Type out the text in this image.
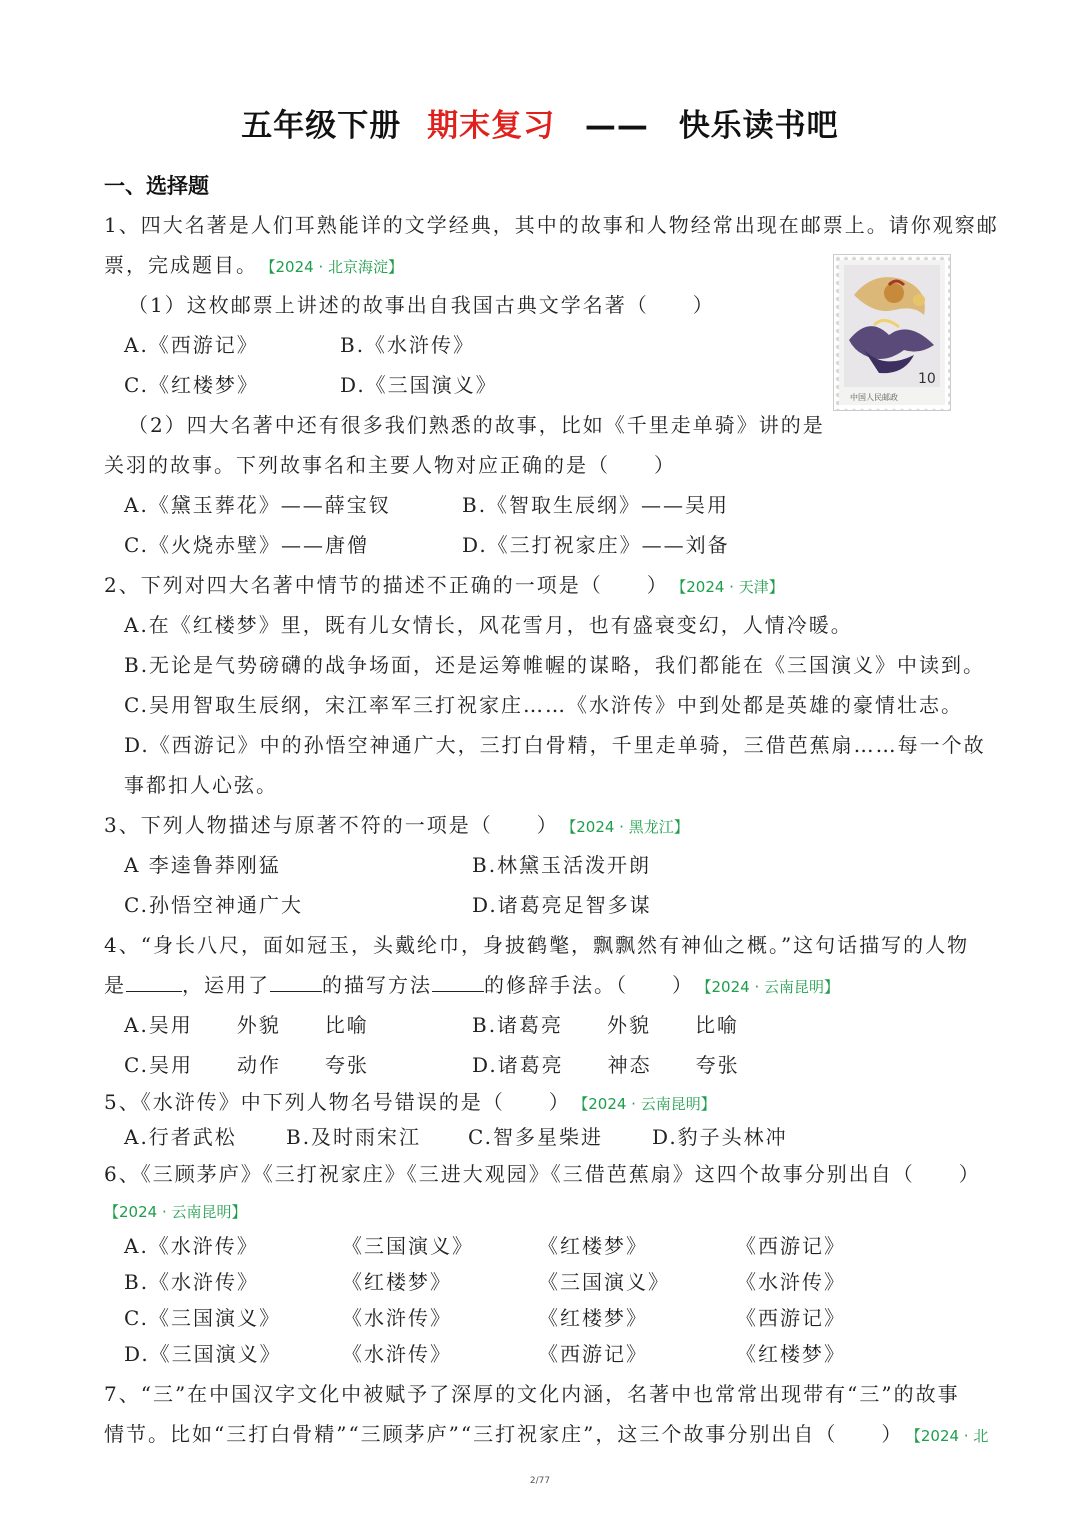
五年级下册 期末复习 —— 快乐读书吧
一、选择题
1、四大名著是人们耳熟能详的文学经典，其中的故事和人物经常出现在邮票上。请你观察邮
票，完成题目。 【2024 · 北京海淀】
10
中国人民邮政
（1）这枚邮票上讲述的故事出自我国古典文学名著（　　）
A.《西游记》	B.《水浒传》
C.《红楼梦》	D.《三国演义》
（2）四大名著中还有很多我们熟悉的故事，比如《千里走单骑》讲的是
关羽的故事。下列故事名和主要人物对应正确的是（　　）
A.《黛玉葬花》——薛宝钗	B.《智取生辰纲》——吴用
C.《火烧赤壁》——唐僧	D.《三打祝家庄》——刘备
2、下列对四大名著中情节的描述不正确的一项是（　　） 【2024 · 天津】
A.在《红楼梦》里，既有儿女情长，风花雪月，也有盛衰变幻，人情冷暖。
B.无论是气势磅礴的战争场面，还是运筹帷幄的谋略，我们都能在《三国演义》中读到。
C.吴用智取生辰纲，宋江率军三打祝家庄……《水浒传》中到处都是英雄的豪情壮志。
D.《西游记》中的孙悟空神通广大，三打白骨精，千里走单骑，三借芭蕉扇……每一个故
事都扣人心弦。
3、下列人物描述与原著不符的一项是（　　） 【2024 · 黑龙江】
A 李逵鲁莽刚猛	B.林黛玉活泼开朗
C.孙悟空神通广大	D.诸葛亮足智多谋
4、“身长八尺，面如冠玉，头戴纶巾，身披鹤氅，飘飘然有神仙之概。”这句话描写的人物
是	，运用了	的描写方法	的修辞手法。（　　） 【2024 · 云南昆明】
A.吴用　　外貌　　比喻	B.诸葛亮　　外貌　　比喻
C.吴用　　动作　　夸张	D.诸葛亮　　神态　　夸张
5、《水浒传》中下列人物名号错误的是（　　） 【2024 · 云南昆明】
A.行者武松 B.及时雨宋江 C.智多星柴进 D.豹子头林冲
6、《三顾茅庐》《三打祝家庄》《三进大观园》《三借芭蕉扇》这四个故事分别出自（　　）
【2024 · 云南昆明】
A.《水浒传》	《三国演义》	《红楼梦》	《西游记》
B.《水浒传》	《红楼梦》	《三国演义》	《水浒传》
C.《三国演义》	《水浒传》	《红楼梦》	《西游记》
D.《三国演义》	《水浒传》	《西游记》	《红楼梦》
7、“三”在中国汉字文化中被赋予了深厚的文化内涵，名著中也常常出现带有“三”的故事
情节。比如“三打白骨精”“三顾茅庐”“三打祝家庄”，这三个故事分别出自（　　） 【2024 · 北
2/77
